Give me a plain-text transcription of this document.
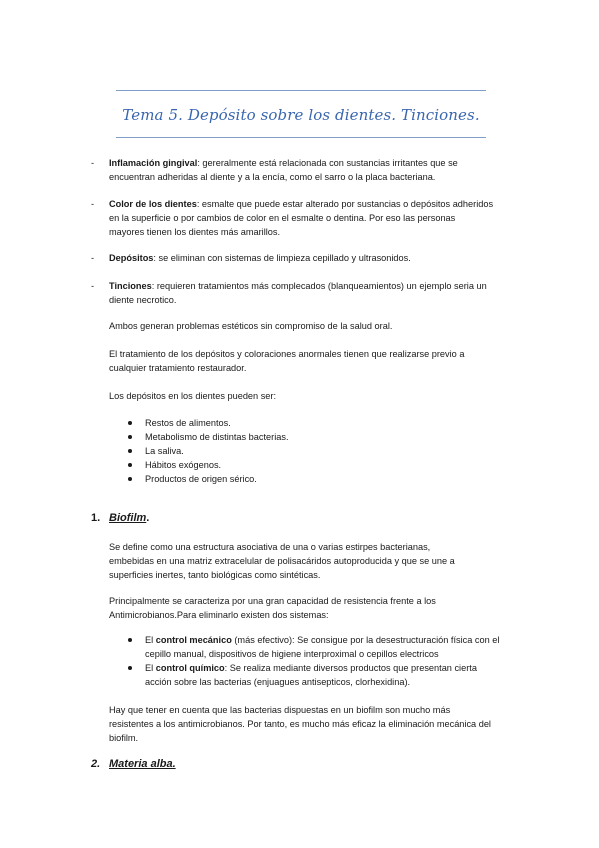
Tema 5. Depósito sobre los dientes. Tinciones.
- Inflamación gingival: gereralmente está relacionada con sustancias irritantes que se
encuentran adheridas al diente y a la encía, como el sarro o la placa bacteriana.
- Color de los dientes: esmalte que puede estar alterado por sustancias o depósitos adheridos
en la superficie o por cambios de color en el esmalte o dentina. Por eso las personas
mayores tienen los dientes más amarillos.
- Depósitos: se eliminan con sistemas de limpieza cepillado y ultrasonidos.
- Tinciones: requieren tratamientos más complecados (blanqueamientos) un ejemplo seria un
diente necrotico.
Ambos generan problemas estéticos sin compromiso de la salud oral.
El tratamiento de los depósitos y coloraciones anormales tienen que realizarse previo a
cualquier tratamiento restaurador.
Los depósitos en los dientes pueden ser:
Restos de alimentos.
Metabolismo de distintas bacterias.
La saliva.
Hábitos exógenos.
Productos de origen sérico.
1. Biofilm.
Se define como una estructura asociativa de una o varias estirpes bacterianas,
embebidas en una matriz extracelular de polisacáridos autoproducida y que se une a
superficies inertes, tanto biológicas como sintéticas.
Principalmente se caracteriza por una gran capacidad de resistencia frente a los
Antimicrobianos.Para eliminarlo existen dos sistemas:
El control mecánico (más efectivo): Se consigue por la desestructuración física con el
cepillo manual, dispositivos de higiene interproximal o cepillos electricos
El control químico: Se realiza mediante diversos productos que presentan cierta
acción sobre las bacterias (enjuagues antisepticos, clorhexidina).
Hay que tener en cuenta que las bacterias dispuestas en un biofilm son mucho más
resistentes a los antimicrobianos. Por tanto, es mucho más eficaz la eliminación mecánica del
biofilm.
2. Materia alba.
